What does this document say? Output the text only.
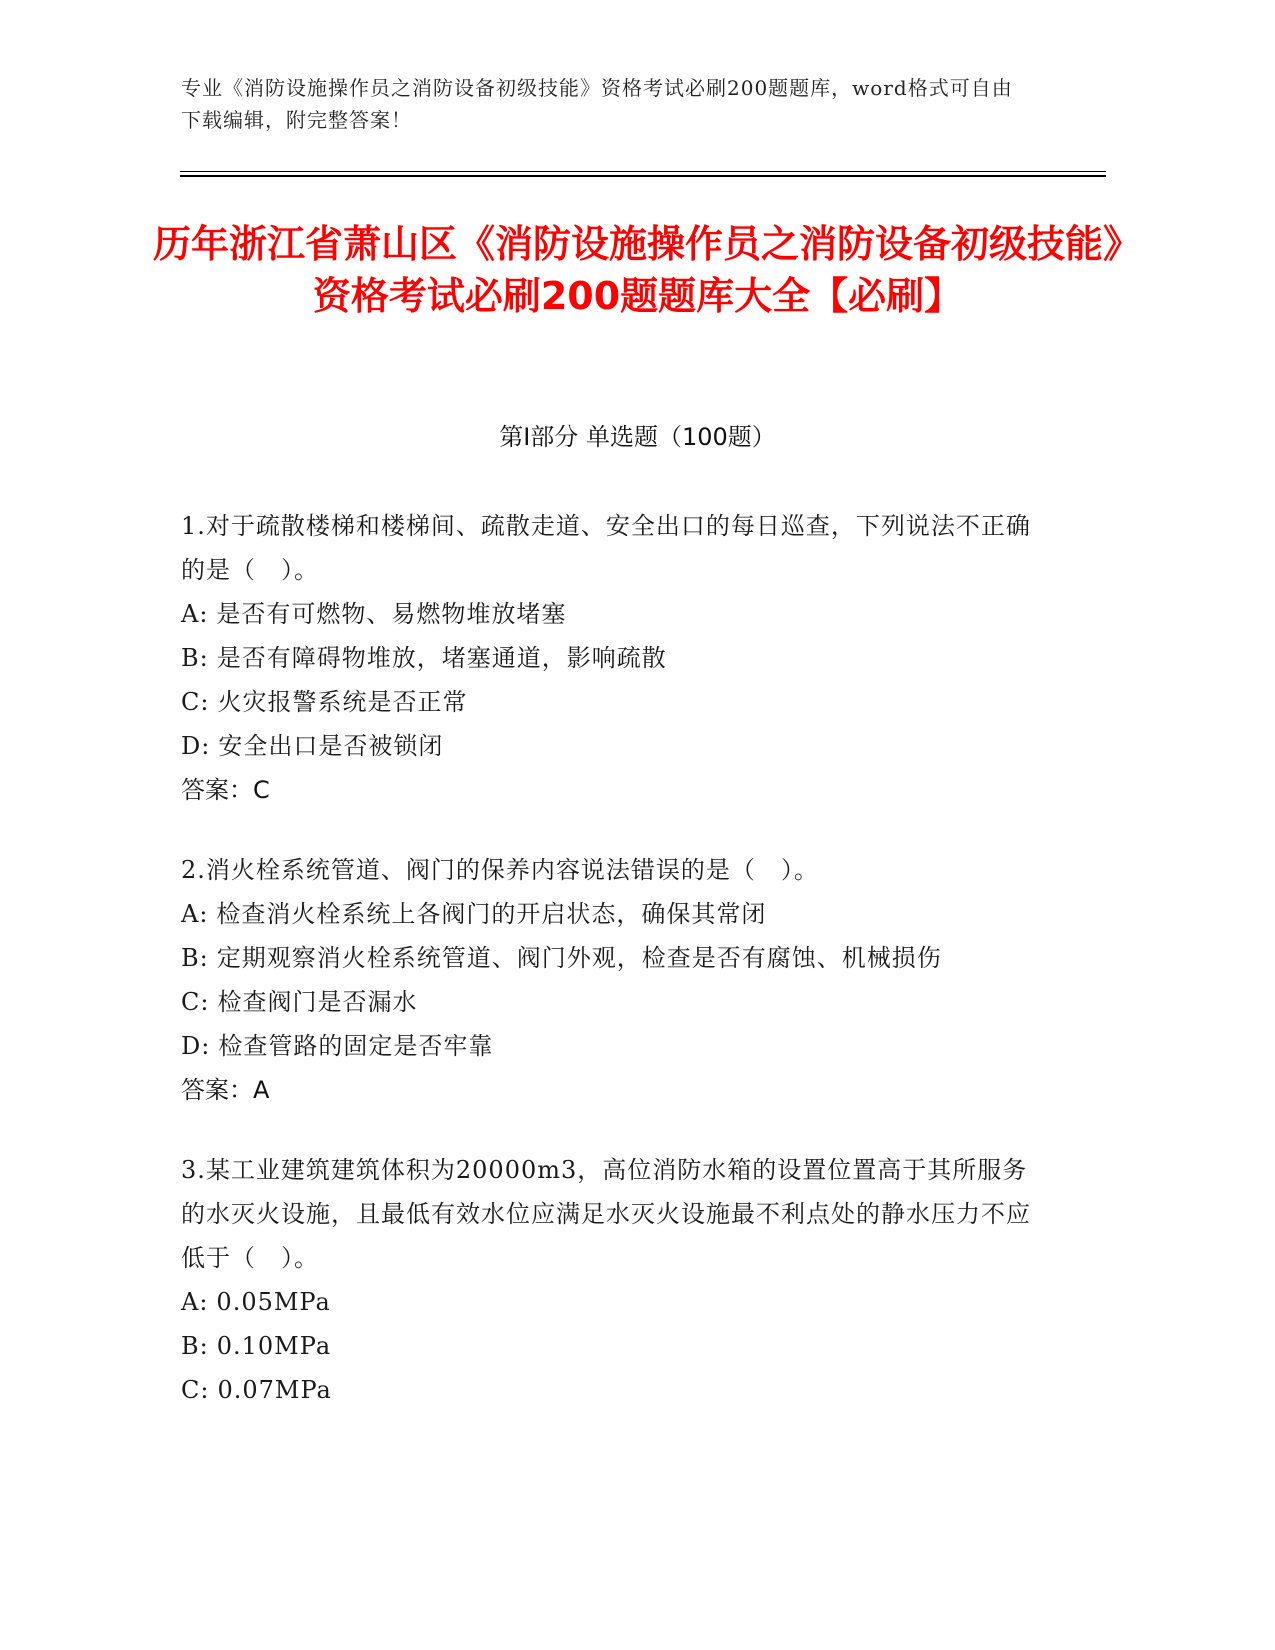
专业《消防设施操作员之消防设备初级技能》资格考试必刷200题题库，word格式可自由下载编辑，附完整答案！
历年浙江省萧山区《消防设施操作员之消防设备初级技能》资格考试必刷200题题库大全【必刷】
第Ⅰ部分 单选题（100题）
1.对于疏散楼梯和楼梯间、疏散走道、安全出口的每日巡查，下列说法不正确的是（　）。
A: 是否有可燃物、易燃物堆放堵塞
B: 是否有障碍物堆放，堵塞通道，影响疏散
C: 火灾报警系统是否正常
D: 安全出口是否被锁闭
答案：C
2.消火栓系统管道、阀门的保养内容说法错误的是（　）。
A: 检查消火栓系统上各阀门的开启状态，确保其常闭
B: 定期观察消火栓系统管道、阀门外观，检查是否有腐蚀、机械损伤
C: 检查阀门是否漏水
D: 检查管路的固定是否牢靠
答案：A
3.某工业建筑建筑体积为20000m3，高位消防水箱的设置位置高于其所服务的水灭火设施，且最低有效水位应满足水灭火设施最不利点处的静水压力不应低于（　）。
A: 0.05MPa
B: 0.10MPa
C: 0.07MPa
